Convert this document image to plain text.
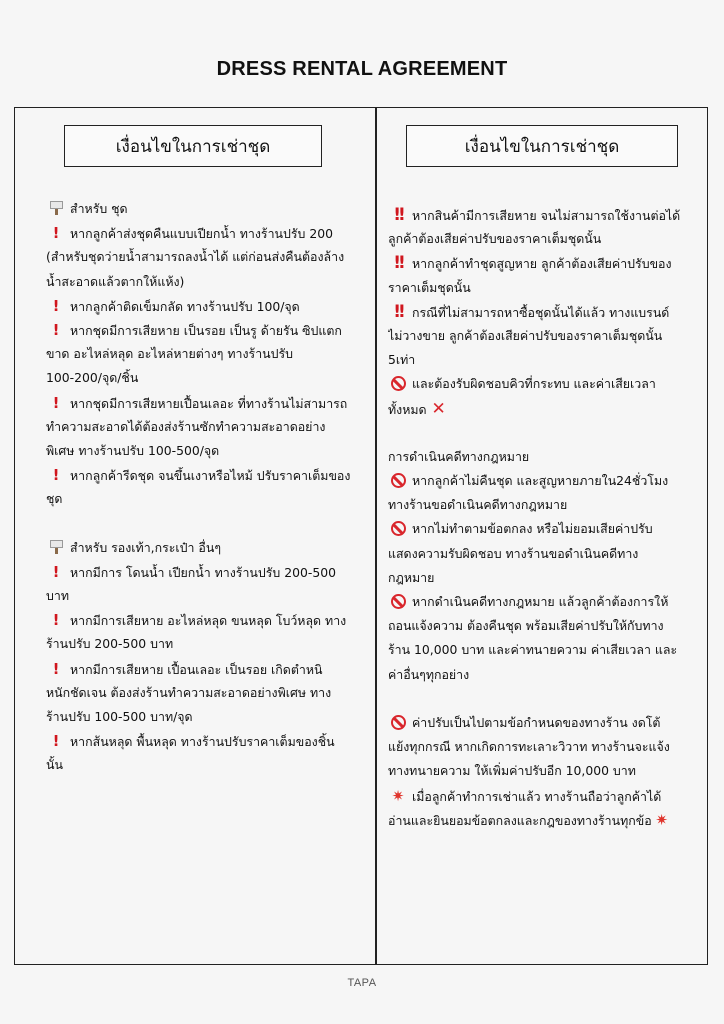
DRESS RENTAL AGREEMENT
เงื่อนไขในการเช่าชุด	เงื่อนไขในการเช่าชุด
สำหรับ ชุด
! หากลูกค้าส่งชุดคืนแบบเปียกน้ำ ทางร้านปรับ 200
(สำหรับชุดว่ายน้ำสามารถลงน้ำได้ แต่ก่อนส่งคืนต้องล้าง
น้ำสะอาดแล้วตากให้แห้ง)
! หากลูกค้าติดเข็มกลัด ทางร้านปรับ 100/จุด
! หากชุดมีการเสียหาย เป็นรอย เป็นรู ด้ายรัน ซิปแตก
ขาด อะไหล่หลุด อะไหล่หายต่างๆ ทางร้านปรับ
100-200/จุด/ชิ้น
! หากชุดมีการเสียหายเปื้อนเลอะ ที่ทางร้านไม่สามารถ
ทำความสะอาดได้ต้องส่งร้านซักทำความสะอาดอย่าง
พิเศษ ทางร้านปรับ 100-500/จุด
! หากลูกค้ารีดชุด จนขึ้นเงาหรือไหม้ ปรับราคาเต็มของ
ชุด
สำหรับ รองเท้า,กระเป๋า อื่นๆ
! หากมีการ โดนน้ำ เปียกน้ำ ทางร้านปรับ 200-500
บาท
! หากมีการเสียหาย อะไหล่หลุด ขนหลุด โบว์หลุด ทาง
ร้านปรับ 200-500 บาท
! หากมีการเสียหาย เปื้อนเลอะ เป็นรอย เกิดตำหนิ
หนักชัดเจน ต้องส่งร้านทำความสะอาดอย่างพิเศษ ทาง
ร้านปรับ 100-500 บาท/จุด
! หากส้นหลุด พื้นหลุด ทางร้านปรับราคาเต็มของชิ้น
นั้น
!! หากสินค้ามีการเสียหาย จนไม่สามารถใช้งานต่อได้
ลูกค้าต้องเสียค่าปรับของราคาเต็มชุดนั้น
!! หากลูกค้าทำชุดสูญหาย ลูกค้าต้องเสียค่าปรับของ
ราคาเต็มชุดนั้น
!! กรณีที่ไม่สามารถหาซื้อชุดนั้นได้แล้ว ทางแบรนด์
ไม่วางขาย ลูกค้าต้องเสียค่าปรับของราคาเต็มชุดนั้น
5เท่า
และต้องรับผิดชอบคิวที่กระทบ และค่าเสียเวลา
ทั้งหมด ✕
การดำเนินคดีทางกฎหมาย
หากลูกค้าไม่คืนชุด และสูญหายภายใน24ชั่วโมง
ทางร้านขอดำเนินคดีทางกฎหมาย
หากไม่ทำตามข้อตกลง หรือไม่ยอมเสียค่าปรับ
แสดงความรับผิดชอบ ทางร้านขอดำเนินคดีทาง
กฎหมาย
หากดำเนินคดีทางกฎหมาย แล้วลูกค้าต้องการให้
ถอนแจ้งความ ต้องคืนชุด พร้อมเสียค่าปรับให้กับทาง
ร้าน 10,000 บาท และค่าทนายความ ค่าเสียเวลา และ
ค่าอื่นๆทุกอย่าง
ค่าปรับเป็นไปตามข้อกำหนดของทางร้าน งดโต้
แย้งทุกกรณี หากเกิดการทะเลาะวิวาท ทางร้านจะแจ้ง
ทางทนายความ ให้เพิ่มค่าปรับอีก 10,000 บาท
✷ เมื่อลูกค้าทำการเช่าแล้ว ทางร้านถือว่าลูกค้าได้
อ่านและยินยอมข้อตกลงและกฎของทางร้านทุกข้อ ✷
TAPA
